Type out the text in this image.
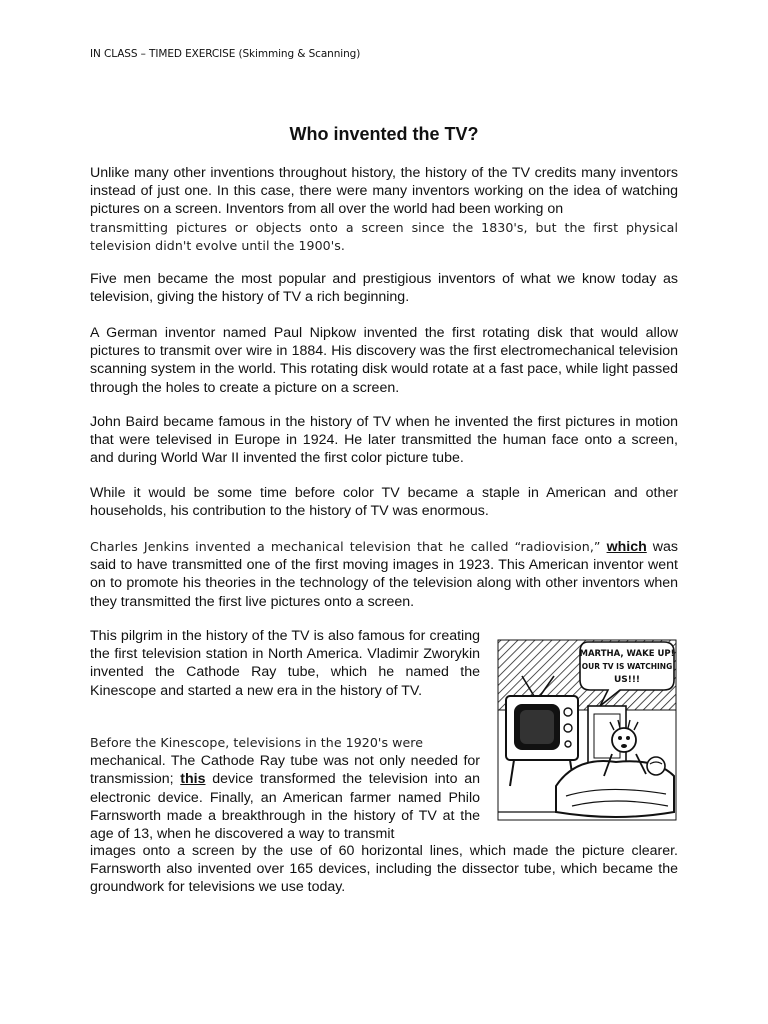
IN CLASS – TIMED EXERCISE (Skimming & Scanning)
Who invented the TV?

Unlike many other inventions throughout history, the history of the TV credits many inventors instead of just one. In this case, there were many inventors working on the idea of watching pictures on a screen. Inventors from all over the world had been working on

transmitting pictures or objects onto a screen since the 1830's, but the first physical television didn't evolve until the 1900's.

Five men became the most popular and prestigious inventors of what we know today as television, giving the history of TV a rich beginning.
A German inventor named Paul Nipkow invented the first rotating disk that would allow pictures to transmit over wire in 1884. His discovery was the first electromechanical television scanning system in the world. This rotating disk would rotate at a fast pace, while light passed through the holes to create a picture on a screen.
John Baird became famous in the history of TV when he invented the first pictures in motion that were televised in Europe in 1924. He later transmitted the human face onto a screen, and during World War II invented the first color picture tube.
While it would be some time before color TV became a staple in American and other households, his contribution to the history of TV was enormous.
Charles Jenkins invented a mechanical television that he called “radiovision,” which was said to have transmitted one of the first moving images in 1923. This American inventor went on to promote his theories in the technology of the television along with other inventors when they transmitted the first live pictures onto a screen.
This pilgrim in the history of the TV is also famous for creating the first television station in North America. Vladimir Zworykin invented the Cathode Ray tube, which he named the Kinescope and started a new era in the history of TV.

Before the Kinescope, televisions in the 1920's were

mechanical. The Cathode Ray tube was not only needed for transmission; this device transformed the television into an electronic device. Finally, an American farmer named Philo Farnsworth made a breakthrough in the history of TV at the age of 13, when he discovered a way to transmit

images onto a screen by the use of 60 horizontal lines, which made the picture clearer. Farnsworth also invented over 165 devices, including the dissector tube, which became the groundwork for televisions we use today.
MARTHA, WAKE UP!
OUR TV IS WATCHING
US!!!
